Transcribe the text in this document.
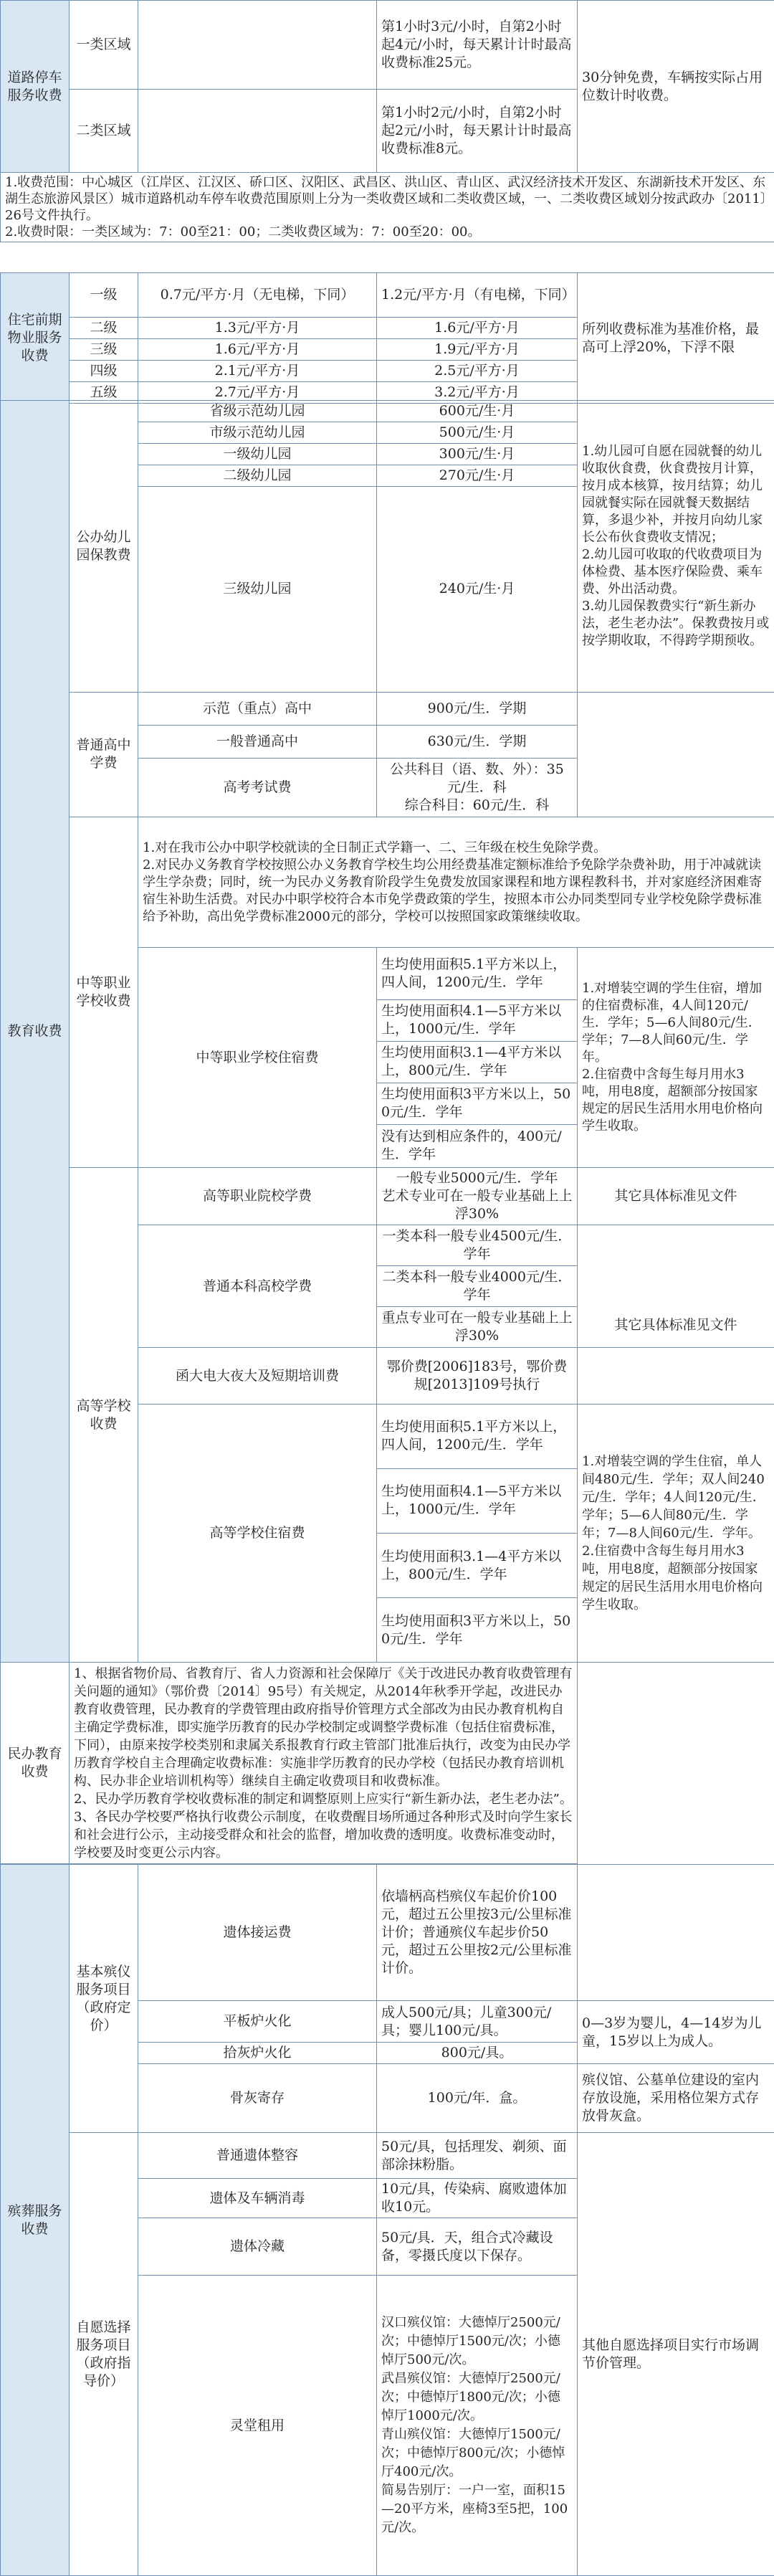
道路停车服务收费	一类区域		第1小时3元/小时，自第2小时起4元/小时，每天累计计时最高收费标准25元。	30分钟免费，车辆按实际占用位数计时收费。
	二类区域		第1小时2元/小时，自第2小时起2元/小时，每天累计计时最高收费标准8元。	
1.收费范围：中心城区（江岸区、江汉区、硚口区、汉阳区、武昌区、洪山区、青山区、武汉经济技术开发区、东湖新技术开发区、东湖生态旅游风景区）城市道路机动车停车收费范围原则上分为一类收费区域和二类收费区域，一、二类收费区域划分按武政办〔2011〕26号文件执行。
2.收费时限：一类区域为：7：00至21：00；二类收费区域为：7：00至20：00。				
住宅前期物业服务收费	一级	0.7元/平方·月（无电梯，下同）	1.2元/平方·月（有电梯，下同）	所列收费标准为基准价格，最高可上浮20%，下浮不限
	二级	1.3元/平方·月	1.6元/平方·月	
	三级	1.6元/平方·月	1.9元/平方·月	
	四级	2.1元/平方·月	2.5元/平方·月	
	五级	2.7元/平方·月	3.2元/平方·月	
教育收费	公办幼儿园保教费	省级示范幼儿园	600元/生·月	1.幼儿园可自愿在园就餐的幼儿收取伙食费，伙食费按月计算，按月成本核算，按月结算；幼儿园就餐实际在园就餐天数据结算，多退少补，并按月向幼儿家长公布伙食费收支情况；
2.幼儿园可收取的代收费项目为体检费、基本医疗保险费、乘车费、外出活动费。
3.幼儿园保教费实行“新生新办法，老生老办法”。保教费按月或按学期收取，不得跨学期预收。
		市级示范幼儿园	500元/生·月	
		一级幼儿园	300元/生·月	
		二级幼儿园	270元/生·月	
		三级幼儿园	240元/生·月	
	普通高中学费	示范（重点）高中	900元/生．学期	
		一般普通高中	630元/生．学期	
		高考考试费	公共科目（语、数、外）：35元/生．科
综合科目：60元/生．科	
	中等职业学校收费	1.对在我市公办中职学校就读的全日制正式学籍一、二、三年级在校生免除学费。
2.对民办义务教育学校按照公办义务教育学校生均公用经费基准定额标准给予免除学杂费补助，用于冲减就读学生学杂费；同时，统一为民办义务教育阶段学生免费发放国家课程和地方课程教科书，并对家庭经济困难寄宿生补助生活费。对民办中职学校符合本市免学费政策的学生，按照本市公办同类型同专业学校免除学费标准给予补助，高出免学费标准2000元的部分，学校可以按照国家政策继续收取。		
		中等职业学校住宿费	生均使用面积5.1平方米以上，四人间，1200元/生．学年	1.对增装空调的学生住宿，增加的住宿费标准，4人间120元/生．学年；5—6人间80元/生．学年；7—8人间60元/生．学年。
2.住宿费中含每生每月用水3吨，用电8度，超额部分按国家规定的居民生活用水用电价格向学生收取。
			生均使用面积4.1—5平方米以上，1000元/生．学年	
			生均使用面积3.1—4平方米以上，800元/生．学年	
			生均使用面积3平方米以上，500元/生．学年	
			没有达到相应条件的，400元/生．学年	
	高等学校收费	高等职业院校学费	一般专业5000元/生．学年
艺术专业可在一般专业基础上上浮30%	其它具体标准见文件
		普通本科高校学费	一类本科一般专业4500元/生．学年
二类本科一般专业4000元/生．学年
重点专业可在一般专业基础上上浮30%	其它具体标准见文件
		函大电大夜大及短期培训费	鄂价费[2006]183号，鄂价费规[2013]109号执行	
		高等学校住宿费	生均使用面积5.1平方米以上，四人间，1200元/生．学年	1.对增装空调的学生住宿，单人间480元/生．学年；双人间240元/生．学年；4人间120元/生．学年；5—6人间80元/生．学年；7—8人间60元/生．学年。
2.住宿费中含每生每月用水3吨，用电8度，超额部分按国家规定的居民生活用水用电价格向学生收取。
			生均使用面积4.1—5平方米以上，1000元/生．学年	
			生均使用面积3.1—4平方米以上，800元/生．学年	
			生均使用面积3平方米以上，500元/生．学年	
民办教育收费	1、根据省物价局、省教育厅、省人力资源和社会保障厅《关于改进民办教育收费管理有关问题的通知》（鄂价费〔2014〕95号）有关规定，从2014年秋季开学起，改进民办教育收费管理，民办教育的学费管理由政府指导价管理方式全部改为由民办教育机构自主确定学费标准，即实施学历教育的民办学校制定或调整学费标准（包括住宿费标准，下同），由原来按学校类别和隶属关系报教育行政主管部门批准后执行，改变为由民办学历教育学校自主合理确定收费标准：实施非学历教育的民办学校（包括民办教育培训机构、民办非企业培训机构等）继续自主确定收费项目和收费标准。
2、民办学历教育学校收费标准的制定和调整原则上应实行“新生新办法，老生老办法”。
3、各民办学校要严格执行收费公示制度，在收费醒目场所通过各种形式及时向学生家长和社会进行公示，主动接受群众和社会的监督，增加收费的透明度。收费标准变动时，学校要及时变更公示内容。			
殡葬服务收费	基本殡仪服务项目（政府定价）	遗体接运费	依墙柄高档殡仪车起价价100元，超过五公里按3元/公里标准计价；普通殡仪车起步价50元，超过五公里按2元/公里标准计价。	
		平板炉火化	成人500元/具；儿童300元/具；婴儿100元/具。	0—3岁为婴儿，4—14岁为儿童，15岁以上为成人。
		拾灰炉火化	800元/具。	
		骨灰寄存	100元/年．盒。	殡仪馆、公墓单位建设的室内存放设施，采用格位架方式存放骨灰盒。
	自愿选择服务项目（政府指导价）	普通遗体整容	50元/具，包括理发、剃须、面部涂抹粉脂。	其他自愿选择项目实行市场调节价管理。
		遗体及车辆消毒	10元/具，传染病、腐败遗体加收10元。	
		遗体冷藏	50元/具．天，组合式冷藏设备，零摄氏度以下保存。	
		灵堂租用	汉口殡仪馆：大德悼厅2500元/次；中德悼厅1500元/次；小德悼厅500元/次。
武昌殡仪馆：大德悼厅2500元/次；中德悼厅1800元/次；小德悼厅1000元/次。
青山殡仪馆：大德悼厅1500元/次；中德悼厅800元/次；小德悼厅400元/次。
简易告别厅：一户一室，面积15—20平方米，座椅3至5把，100元/次。	
